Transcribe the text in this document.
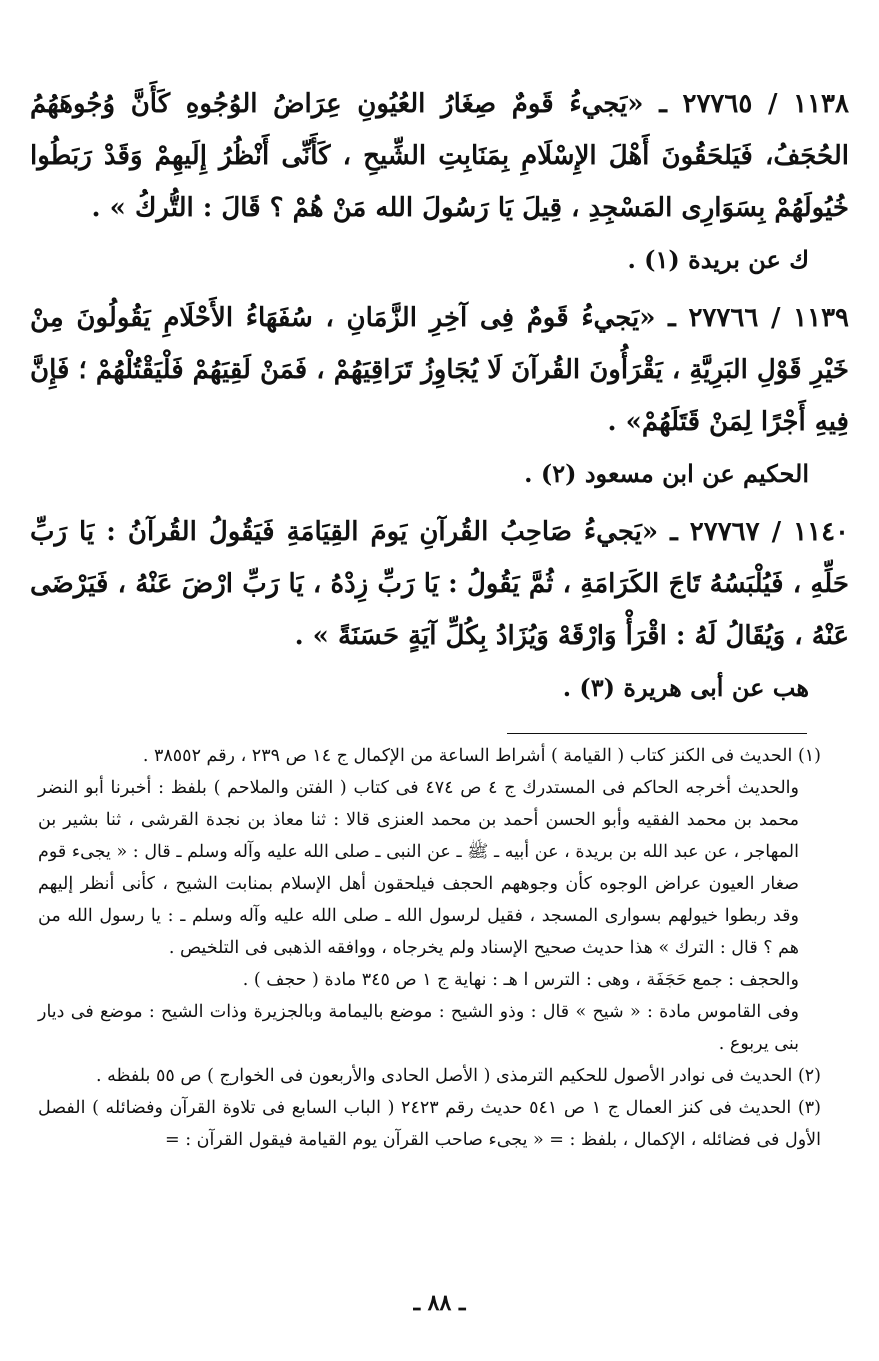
١١٣٨ / ٢٧٧٦٥ ـ «يَجيءُ قَومٌ صِغَارُ العُيُونِ عِرَاضُ الوُجُوهِ كَأَنَّ وُجُوهَهُمُ الحُجَفُ، فَيَلحَقُونَ أَهْلَ الإِسْلَامِ بِمَنَابِتِ الشِّيحِ ، كَأَنِّى أَنْظُرُ إِلَيهِمْ وَقَدْ رَبَطُوا خُيُولَهُمْ بِسَوَارِى المَسْجِدِ ، قِيلَ يَا رَسُولَ الله مَنْ هُمْ ؟ قَالَ : التُّركُ » .

ك عن بريدة (١) .

١١٣٩ / ٢٧٧٦٦ ـ «يَجيءُ قَومٌ فِى آخِرِ الزَّمَانِ ، سُفَهَاءُ الأَحْلَامِ يَقُولُونَ مِنْ خَيْرِ قَوْلِ البَرِيَّةِ ، يَقْرَأُونَ القُرآنَ لَا يُجَاوِزُ تَرَاقِيَهُمْ ، فَمَنْ لَقِيَهُمْ فَلْيَقْتُلْهُمْ ؛ فَإِنَّ فِيهِ أَجْرًا لِمَنْ قَتَلَهُمْ» .

الحكيم عن ابن مسعود (٢) .

١١٤٠ / ٢٧٧٦٧ ـ «يَجيءُ صَاحِبُ القُرآنِ يَومَ القِيَامَةِ فَيَقُولُ القُرآنُ : يَا رَبِّ حَلِّهِ ، فَيُلْبَسُهُ تَاجَ الكَرَامَةِ ، ثُمَّ يَقُولُ : يَا رَبِّ زِدْهُ ، يَا رَبِّ ارْضَ عَنْهُ ، فَيَرْضَى عَنْهُ ، وَيُقَالُ لَهُ : اقْرَأْ وَارْقَهْ وَيُزَادُ بِكُلِّ آيَةٍ حَسَنَةً » .

هب عن أبى هريرة (٣) .

(١) الحديث فى الكنز كتاب ( القيامة ) أشراط الساعة من الإكمال ج ١٤ ص ٢٣٩ ، رقم ٣٨٥٥٢ .

والحديث أخرجه الحاكم فى المستدرك ج ٤ ص ٤٧٤ فى كتاب ( الفتن والملاحم ) بلفظ : أخبرنا أبو النضر محمد بن محمد الفقيه وأبو الحسن أحمد بن محمد العنزى قالا : ثنا معاذ بن نجدة القرشى ، ثنا بشير بن المهاجر ، عن عبد الله بن بريدة ، عن أبيه ـ ﷺ ـ عن النبى ـ صلى الله عليه وآله وسلم ـ قال : « يجىء قوم صغار العيون عراض الوجوه كأن وجوههم الحجف فيلحقون أهل الإسلام بمنابت الشيح ، كأنى أنظر إليهم وقد ربطوا خيولهم بسوارى المسجد ، فقيل لرسول الله ـ صلى الله عليه وآله وسلم ـ : يا رسول الله من هم ؟ قال : الترك » هذا حديث صحيح الإسناد ولم يخرجاه ، ووافقه الذهبى فى التلخيص .

والحجف : جمع حَجَفَة ، وهى : الترس ا هـ : نهاية ج ١ ص ٣٤٥ مادة ( حجف ) .

وفى القاموس مادة : « شيح » قال : وذو الشيح : موضع باليمامة وبالجزيرة وذات الشيح : موضع فى ديار بنى يربوع .

(٢) الحديث فى نوادر الأصول للحكيم الترمذى ( الأصل الحادى والأربعون فى الخوارج ) ص ٥٥ بلفظه .

(٣) الحديث فى كنز العمال ج ١ ص ٥٤١ حديث رقم ٢٤٢٣ ( الباب السابع فى تلاوة القرآن وفضائله ) الفصل الأول فى فضائله ، الإكمال ، بلفظ : = « يجىء صاحب القرآن يوم القيامة فيقول القرآن : =

ـ ٨٨ ـ
